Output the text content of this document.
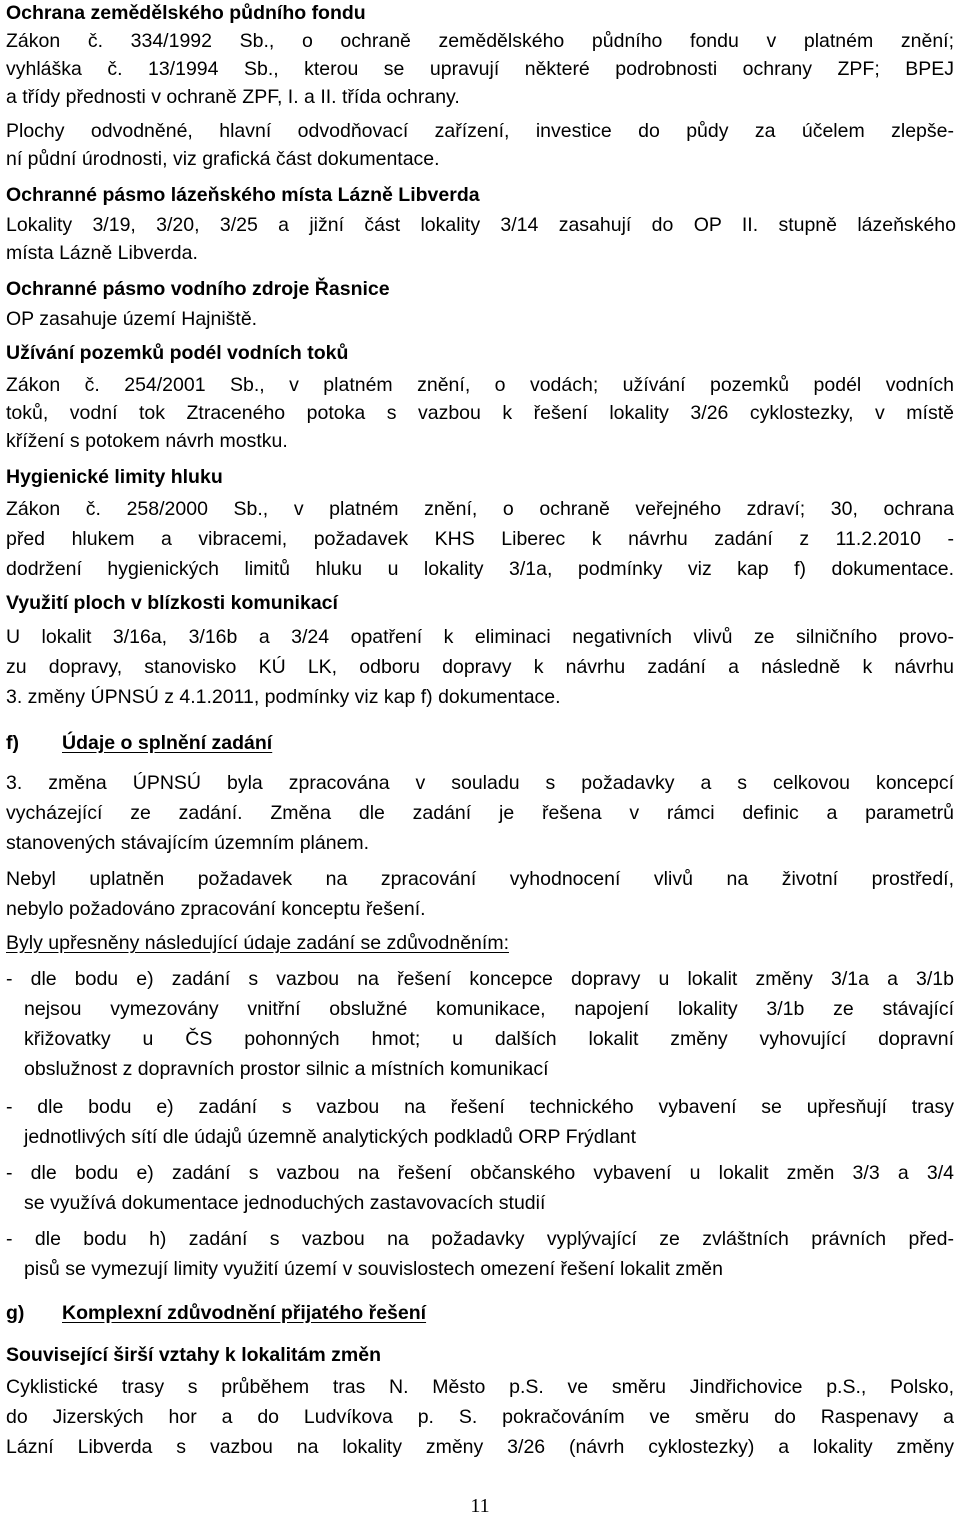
Ochrana zemědělského půdního fondu
Zákon č. 334/1992 Sb., o ochraně zemědělského půdního fondu v platném znění;
vyhláška č. 13/1994 Sb., kterou se upravují některé podrobnosti ochrany ZPF; BPEJ
a třídy přednosti v ochraně ZPF, I. a II. třída ochrany.
Plochy odvodněné, hlavní odvodňovací zařízení, investice do půdy za účelem zlepše-
ní půdní úrodnosti, viz grafická část dokumentace.
Ochranné pásmo lázeňského místa Lázně Libverda
Lokality 3/19, 3/20, 3/25 a jižní část lokality 3/14 zasahují do OP II. stupně lázeňského
místa Lázně Libverda.
Ochranné pásmo vodního zdroje Řasnice
OP zasahuje území Hajniště.
Užívání pozemků podél vodních toků
Zákon č. 254/2001 Sb., v platném znění, o vodách; užívání pozemků podél vodních
toků, vodní tok Ztraceného potoka s vazbou k řešení lokality 3/26 cyklostezky, v místě
křížení s potokem návrh mostku.
Hygienické limity hluku
Zákon č. 258/2000 Sb., v platném znění, o ochraně veřejného zdraví; 30, ochrana
před hlukem a vibracemi, požadavek KHS Liberec k návrhu zadání z 11.2.2010 -
dodržení hygienických limitů hluku u lokality 3/1a, podmínky viz kap f) dokumentace.
Využití ploch v blízkosti komunikací
U lokalit 3/16a, 3/16b a 3/24 opatření k eliminaci negativních vlivů ze silničního provo-
zu dopravy, stanovisko KÚ LK, odboru dopravy k návrhu zadání a následně k návrhu
3. změny ÚPNSÚ z 4.1.2011, podmínky viz kap f) dokumentace.
f) Údaje o splnění zadání
3. změna ÚPNSÚ byla zpracována v souladu s požadavky a s celkovou koncepcí
vycházející ze zadání. Změna dle zadání je řešena v rámci definic a parametrů
stanovených stávajícím územním plánem.
Nebyl uplatněn požadavek na zpracování vyhodnocení vlivů na životní prostředí,
nebylo požadováno zpracování konceptu řešení.
Byly upřesněny následující údaje zadání se zdůvodněním:
- dle bodu e) zadání s vazbou na řešení koncepce dopravy u lokalit změny 3/1a a 3/1b
nejsou vymezovány vnitřní obslužné komunikace, napojení lokality 3/1b ze stávající
křižovatky u ČS pohonných hmot; u dalších lokalit změny vyhovující dopravní
obslužnost z dopravních prostor silnic a místních komunikací
- dle bodu e) zadání s vazbou na řešení technického vybavení se upřesňují trasy
jednotlivých sítí dle údajů územně analytických podkladů ORP Frýdlant
- dle bodu e) zadání s vazbou na řešení občanského vybavení u lokalit změn 3/3 a 3/4
se využívá dokumentace jednoduchých zastavovacích studií
- dle bodu h) zadání s vazbou na požadavky vyplývající ze zvláštních právních před-
pisů se vymezují limity využití území v souvislostech omezení řešení lokalit změn
g) Komplexní zdůvodnění přijatého řešení
Související širší vztahy k lokalitám změn
Cyklistické trasy s průběhem tras N. Město p.S. ve směru Jindřichovice p.S., Polsko,
do Jizerských hor a do Ludvíkova p. S. pokračováním ve směru do Raspenavy a
Lázní Libverda s vazbou na lokality změny 3/26 (návrh cyklostezky) a lokality změny
11
